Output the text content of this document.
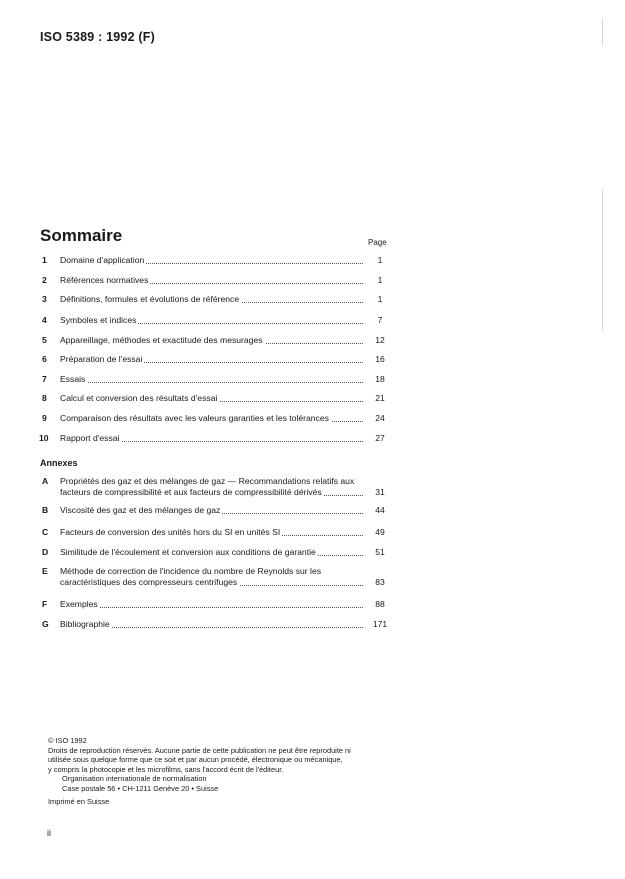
ISO 5389 : 1992 (F)
Sommaire	Page
1	Domaine d'application	1
2	Références normatives	1
3	Définitions, formules et évolutions de référence	1
4	Symboles et indices	7
5	Appareillage, méthodes et exactitude des mesurages	12
6	Préparation de l'essai	16
7	Essais	18
8	Calcul et conversion des résultats d'essai	21
9	Comparaison des résultats avec les valeurs garanties et les tolérances	24
10	Rapport d'essai	27
Annexes
A	Propriétés des gaz et des mélanges de gaz — Recommandations relatifs aux
facteurs de compressibilité et aux facteurs de compressibilité dérivés	31
B	Viscosité des gaz et des mélanges de gaz	44
C	Facteurs de conversion des unités hors du SI en unités SI	49
D	Similitude de l'écoulement et conversion aux conditions de garantie	51
E	Méthode de correction de l'incidence du nombre de Reynolds sur les
caractéristiques des compresseurs centrifuges	83
F	Exemples	88
G	Bibliographie	171
© ISO 1992
Droits de reproduction réservés. Aucune partie de cette publication ne peut être reproduite ni
utilisée sous quelque forme que ce soit et par aucun procédé, électronique ou mécanique,
y compris la photocopie et les microfilms, sans l'accord écrit de l'éditeur.
Organisation internationale de normalisation
Case postale 56 • CH-1211 Genève 20 • Suisse
Imprimé en Suisse
ii
